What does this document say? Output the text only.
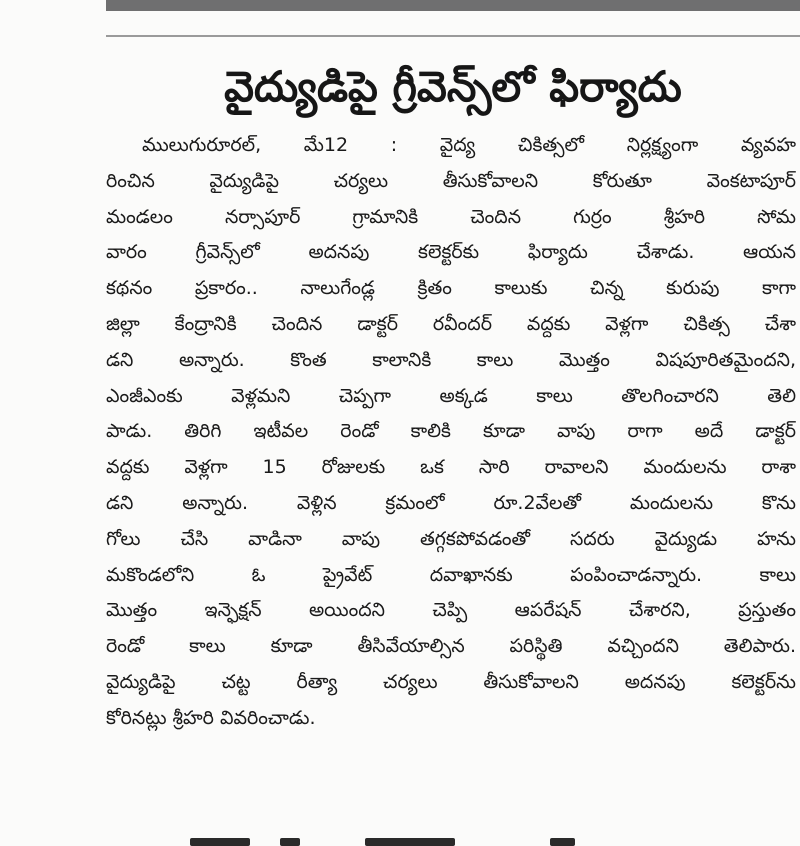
వైద్యుడిపై గ్రీవెన్స్‌లో ఫిర్యాదు
ములుగురూరల్, మే12 : వైద్య చికిత్సలో నిర్లక్ష్యంగా వ్యవహ
రించిన వైద్యుడిపై చర్యలు తీసుకోవాలని కోరుతూ వెంకటాపూర్
మండలం నర్సాపూర్ గ్రామానికి చెందిన గుర్రం శ్రీహరి సోమ
వారం గ్రీవెన్స్‌లో అదనపు కలెక్టర్‌కు ఫిర్యాదు చేశాడు. ఆయన
కథనం ప్రకారం.. నాలుగేండ్ల క్రితం కాలుకు చిన్న కురుపు కాగా
జిల్లా కేంద్రానికి చెందిన డాక్టర్ రవీందర్ వద్దకు వెళ్లగా చికిత్స చేశా
డని అన్నారు. కొంత కాలానికి కాలు మొత్తం విషపూరితమైందని,
ఎంజీఎంకు వెళ్లమని చెప్పగా అక్కడ కాలు తొలగించారని తెలి
పాడు. తిరిగి ఇటీవల రెండో కాలికి కూడా వాపు రాగా అదే డాక్టర్
వద్దకు వెళ్లగా 15 రోజులకు ఒక సారి రావాలని మందులను రాశా
డని అన్నారు. వెళ్లిన క్రమంలో రూ.2వేలతో మందులను కొను
గోలు చేసి వాడినా వాపు తగ్గకపోవడంతో సదరు వైద్యుడు హను
మకొండలోని ఓ ప్రైవేట్ దవాఖానకు పంపించాడన్నారు. కాలు
మొత్తం ఇన్ఫెక్షన్ అయిందని చెప్పి ఆపరేషన్ చేశారని, ప్రస్తుతం
రెండో కాలు కూడా తీసివేయాల్సిన పరిస్థితి వచ్చిందని తెలిపారు.
వైద్యుడిపై చట్ట రీత్యా చర్యలు తీసుకోవాలని అదనపు కలెక్టర్‌ను
కోరినట్లు శ్రీహరి వివరించాడు.
